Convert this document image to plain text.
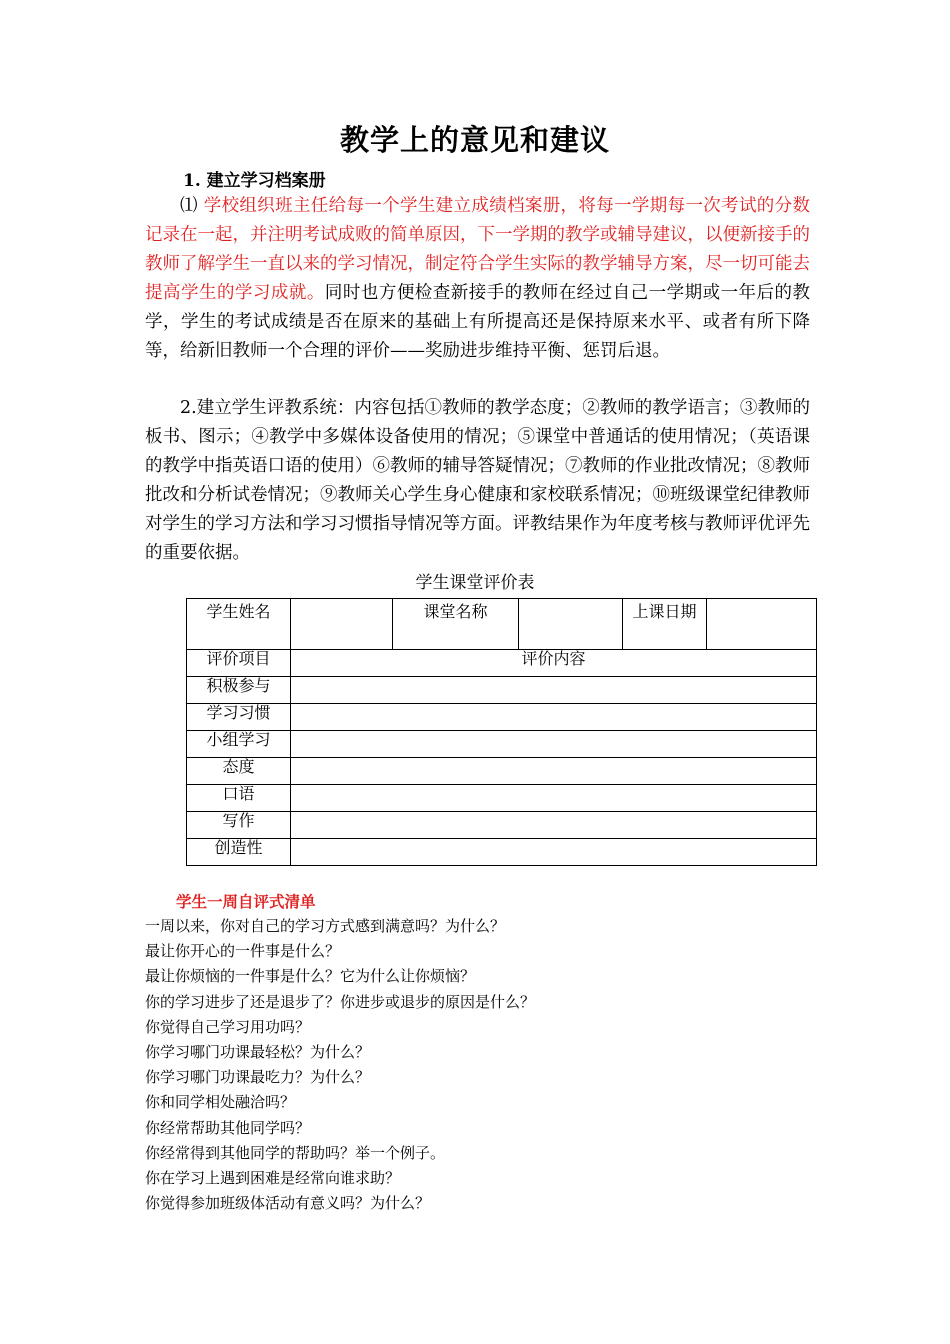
教学上的意见和建议
1. 建立学习档案册
⑴ 学校组织班主任给每一个学生建立成绩档案册，将每一学期每一次考试的分数记录在一起，并注明考试成败的简单原因，下一学期的教学或辅导建议，以便新接手的教师了解学生一直以来的学习情况，制定符合学生实际的教学辅导方案，尽一切可能去提高学生的学习成就。同时也方便检查新接手的教师在经过自己一学期或一年后的教学，学生的考试成绩是否在原来的基础上有所提高还是保持原来水平、或者有所下降等，给新旧教师一个合理的评价——奖励进步维持平衡、惩罚后退。
2.建立学生评教系统：内容包括①教师的教学态度；②教师的教学语言；③教师的板书、图示；④教学中多媒体设备使用的情况；⑤课堂中普通话的使用情况；（英语课的教学中指英语口语的使用）⑥教师的辅导答疑情况；⑦教师的作业批改情况；⑧教师批改和分析试卷情况；⑨教师关心学生身心健康和家校联系情况；⑩班级课堂纪律教师对学生的学习方法和学习习惯指导情况等方面。评教结果作为年度考核与教师评优评先的重要依据。
学生课堂评价表
学生姓名		课堂名称		上课日期	
评价项目	评价内容				
积极参与					
学习习惯					
小组学习					
态度					
口语					
写作					
创造性					
学生一周自评式清单
一周以来，你对自己的学习方式感到满意吗？为什么？
最让你开心的一件事是什么？
最让你烦恼的一件事是什么？它为什么让你烦恼？
你的学习进步了还是退步了？你进步或退步的原因是什么？
你觉得自己学习用功吗？
你学习哪门功课最轻松？为什么？
你学习哪门功课最吃力？为什么？
你和同学相处融洽吗？
你经常帮助其他同学吗？
你经常得到其他同学的帮助吗？举一个例子。
你在学习上遇到困难是经常向谁求助？
你觉得参加班级体活动有意义吗？为什么？
